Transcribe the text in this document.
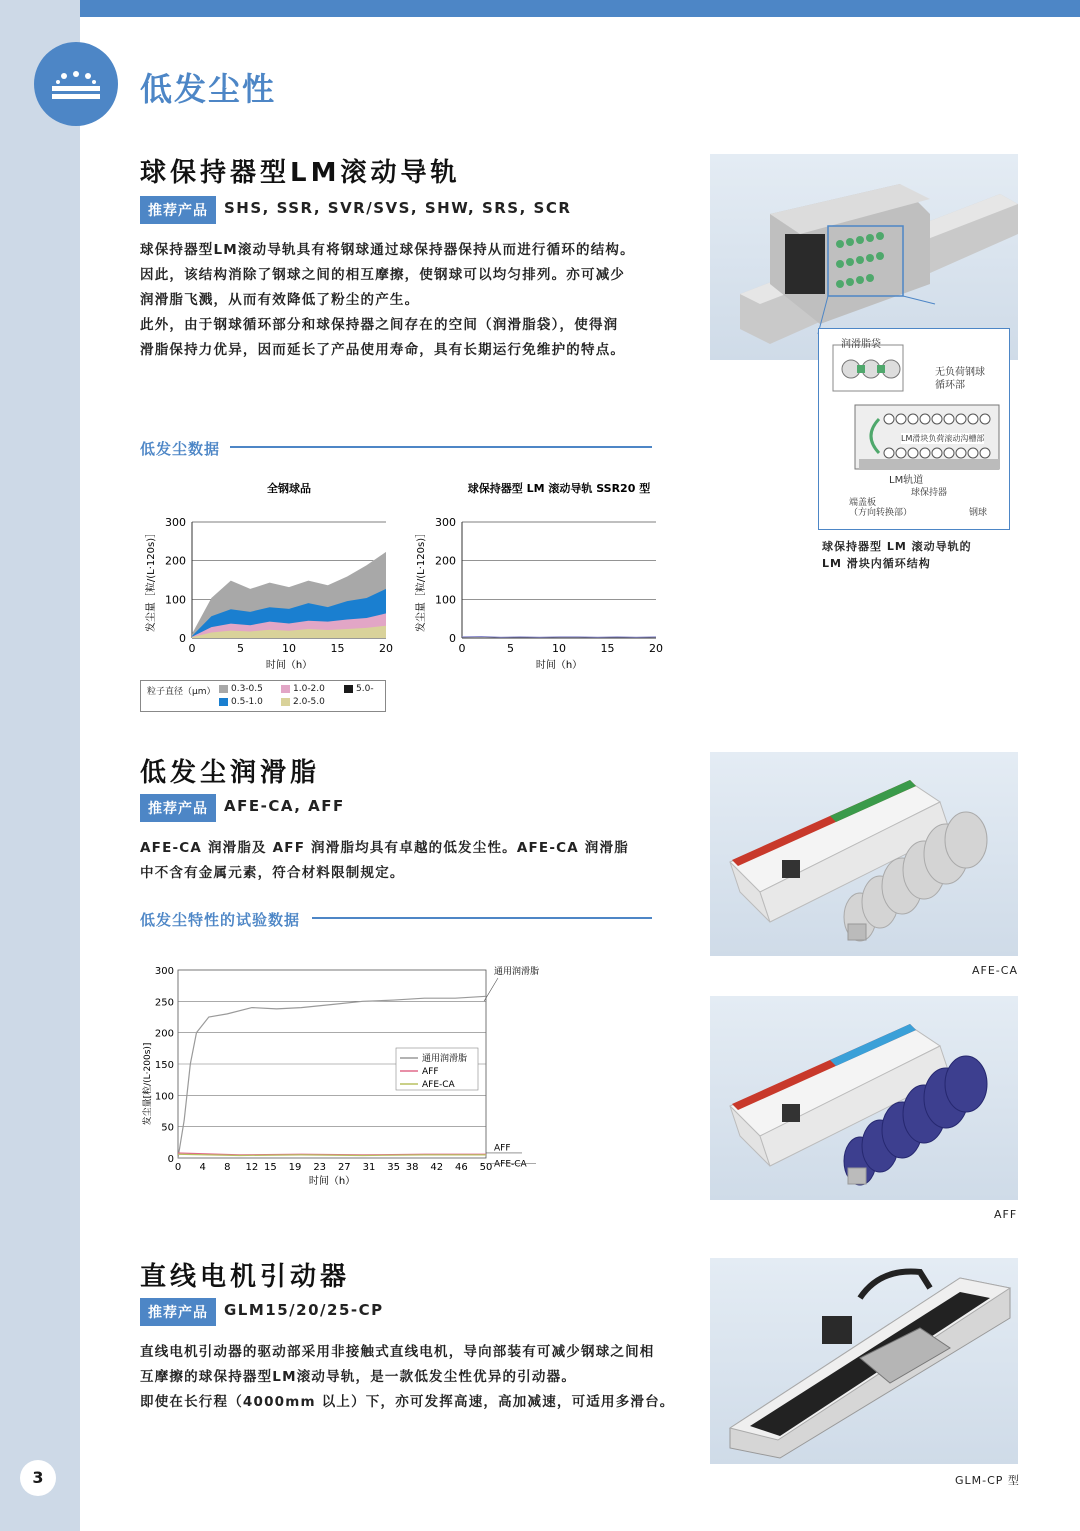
低发尘性
球保持器型LM滚动导轨
推荐产品	SHS, SSR, SVR/SVS, SHW, SRS, SCR
球保持器型LM滚动导轨具有将钢球通过球保持器保持从而进行循环的结构。
因此，该结构消除了钢球之间的相互摩擦，使钢球可以均匀排列。亦可减少
润滑脂飞溅，从而有效降低了粉尘的产生。
此外，由于钢球循环部分和球保持器之间存在的空间（润滑脂袋），使得润
滑脂保持力优异，因而延长了产品使用寿命，具有长期运行免维护的特点。	润滑脂袋
无负荷钢球
循环部
LM滑块负荷滚动沟槽部
LM轨道
球保持器
端盖板
（方向转换部）	钢球
球保持器型 LM 滚动导轨的
LM 滑块内循环结构
低发尘数据
全钢球品
0
100
200
300
0	5	10	15	20
时间（h）
发尘量［粒/(L·120s)］
球保持器型 LM 滚动导轨 SSR20 型
0
100
200
300
0	5	10	15	20
时间（h）
发尘量［粒/(L·120s)］
粒子直径（μm） 0.3-0.5	1.0-2.0	5.0-
0.5-1.0	2.0-5.0
低发尘润滑脂
推荐产品	AFE-CA, AFF
AFE-CA 润滑脂及 AFF 润滑脂均具有卓越的低发尘性。AFE-CA 润滑脂
中不含有金属元素，符合材料限制规定。
低发尘特性的试验数据
0
50
100
150
200
250
300
0 4 8 12 15 19 23 27 31 35 38 42 46 50
时间（h）
发尘量[粒/(L·200s)]	通用润滑脂
AFF
AFE-CA
通用润滑脂
AFF
AFE-CA
AFE-CA
AFF
直线电机引动器
推荐产品	GLM15/20/25-CP
直线电机引动器的驱动部采用非接触式直线电机，导向部装有可减少钢球之间相
互摩擦的球保持器型LM滚动导轨，是一款低发尘性优异的引动器。
即使在长行程（4000mm 以上）下，亦可发挥高速，高加减速，可适用多滑台。
GLM-CP 型
3
